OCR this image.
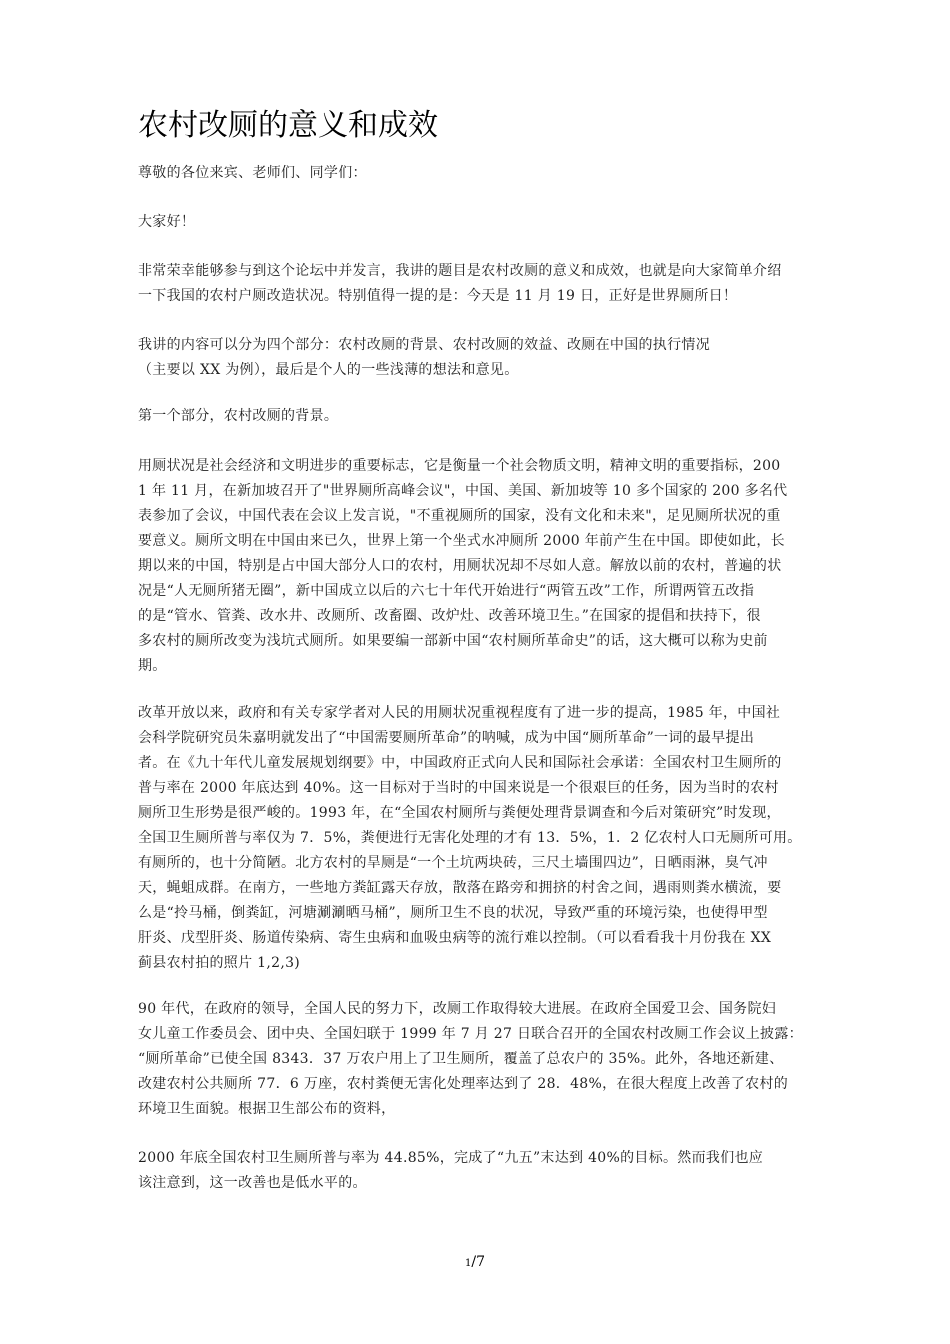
农村改厕的意义和成效
尊敬的各位来宾、老师们、同学们：
大家好！
非常荣幸能够参与到这个论坛中并发言，我讲的题目是农村改厕的意义和成效，也就是向大家简单介绍
一下我国的农村户厕改造状况。特别值得一提的是：今天是 11 月 19 日，正好是世界厕所日！
我讲的内容可以分为四个部分：农村改厕的背景、农村改厕的效益、改厕在中国的执行情况
（主要以 XX 为例），最后是个人的一些浅薄的想法和意见。
第一个部分，农村改厕的背景。
用厕状况是社会经济和文明进步的重要标志，它是衡量一个社会物质文明，精神文明的重要指标，200
1 年 11 月，在新加坡召开了"世界厕所高峰会议"，中国、美国、新加坡等 10 多个国家的 200 多名代
表参加了会议，中国代表在会议上发言说，"不重视厕所的国家，没有文化和未来"，足见厕所状况的重
要意义。厕所文明在中国由来已久，世界上第一个坐式水冲厕所 2000 年前产生在中国。即使如此，长
期以来的中国，特别是占中国大部分人口的农村，用厕状况却不尽如人意。解放以前的农村，普遍的状
况是“人无厕所猪无圈”，新中国成立以后的六七十年代开始进行“两管五改”工作，所谓两管五改指
的是“管水、管粪、改水井、改厕所、改畜圈、改炉灶、改善环境卫生。”在国家的提倡和扶持下，很
多农村的厕所改变为浅坑式厕所。如果要编一部新中国“农村厕所革命史”的话，这大概可以称为史前
期。
改革开放以来，政府和有关专家学者对人民的用厕状况重视程度有了进一步的提高，1985 年，中国社
会科学院研究员朱嘉明就发出了“中国需要厕所革命”的呐喊，成为中国“厕所革命”一词的最早提出
者。在《九十年代儿童发展规划纲要》中，中国政府正式向人民和国际社会承诺：全国农村卫生厕所的
普与率在 2000 年底达到 40%。这一目标对于当时的中国来说是一个很艰巨的任务，因为当时的农村
厕所卫生形势是很严峻的。1993 年，在“全国农村厕所与粪便处理背景调查和今后对策研究”时发现，
全国卫生厕所普与率仅为 7．5%，粪便进行无害化处理的才有 13．5%，1．2 亿农村人口无厕所可用。
有厕所的，也十分简陋。北方农村的旱厕是“一个土坑两块砖，三尺土墙围四边”，日晒雨淋，臭气冲
天，蝇蛆成群。在南方，一些地方粪缸露天存放，散落在路旁和拥挤的村舍之间，遇雨则粪水横流，要
么是“拎马桶，倒粪缸，河塘涮涮晒马桶”，厕所卫生不良的状况，导致严重的环境污染，也使得甲型
肝炎、戊型肝炎、肠道传染病、寄生虫病和血吸虫病等的流行难以控制。（可以看看我十月份我在 XX
蓟县农村拍的照片 1,2,3)
90 年代，在政府的领导，全国人民的努力下，改厕工作取得较大进展。在政府全国爱卫会、国务院妇
女儿童工作委员会、团中央、全国妇联于 1999 年 7 月 27 日联合召开的全国农村改厕工作会议上披露：
“厕所革命”已使全国 8343．37 万农户用上了卫生厕所，覆盖了总农户的 35%。此外，各地还新建、
改建农村公共厕所 77．6 万座，农村粪便无害化处理率达到了 28．48%，在很大程度上改善了农村的
环境卫生面貌。根据卫生部公布的资料，
2000 年底全国农村卫生厕所普与率为 44.85%，完成了“九五”末达到 40%的目标。然而我们也应
该注意到，这一改善也是低水平的。
1/7
